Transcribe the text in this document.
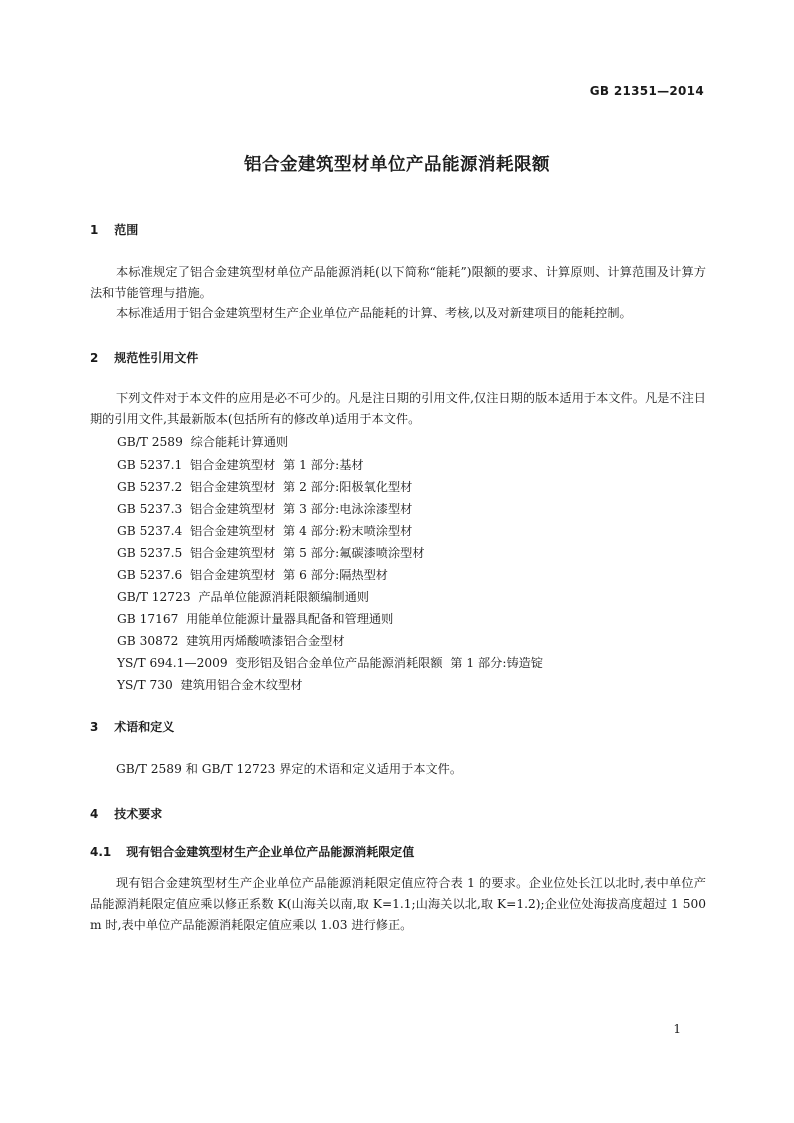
GB 21351—2014
铝合金建筑型材单位产品能源消耗限额
1 范围
本标准规定了铝合金建筑型材单位产品能源消耗(以下简称“能耗”)限额的要求、计算原则、计算范围及计算方法和节能管理与措施。
本标准适用于铝合金建筑型材生产企业单位产品能耗的计算、考核,以及对新建项目的能耗控制。
2 规范性引用文件
下列文件对于本文件的应用是必不可少的。凡是注日期的引用文件,仅注日期的版本适用于本文件。凡是不注日期的引用文件,其最新版本(包括所有的修改单)适用于本文件。
GB/T 2589  综合能耗计算通则
GB 5237.1  铝合金建筑型材  第 1 部分:基材
GB 5237.2  铝合金建筑型材  第 2 部分:阳极氧化型材
GB 5237.3  铝合金建筑型材  第 3 部分:电泳涂漆型材
GB 5237.4  铝合金建筑型材  第 4 部分:粉末喷涂型材
GB 5237.5  铝合金建筑型材  第 5 部分:氟碳漆喷涂型材
GB 5237.6  铝合金建筑型材  第 6 部分:隔热型材
GB/T 12723  产品单位能源消耗限额编制通则
GB 17167  用能单位能源计量器具配备和管理通则
GB 30872  建筑用丙烯酸喷漆铝合金型材
YS/T 694.1—2009  变形铝及铝合金单位产品能源消耗限额  第 1 部分:铸造锭
YS/T 730  建筑用铝合金木纹型材
3 术语和定义
GB/T 2589 和 GB/T 12723 界定的术语和定义适用于本文件。
4 技术要求
4.1 现有铝合金建筑型材生产企业单位产品能源消耗限定值
现有铝合金建筑型材生产企业单位产品能源消耗限定值应符合表 1 的要求。企业位处长江以北时,表中单位产品能源消耗限定值应乘以修正系数 K(山海关以南,取 K=1.1;山海关以北,取 K=1.2);企业位处海拔高度超过 1 500 m 时,表中单位产品能源消耗限定值应乘以 1.03 进行修正。
1
